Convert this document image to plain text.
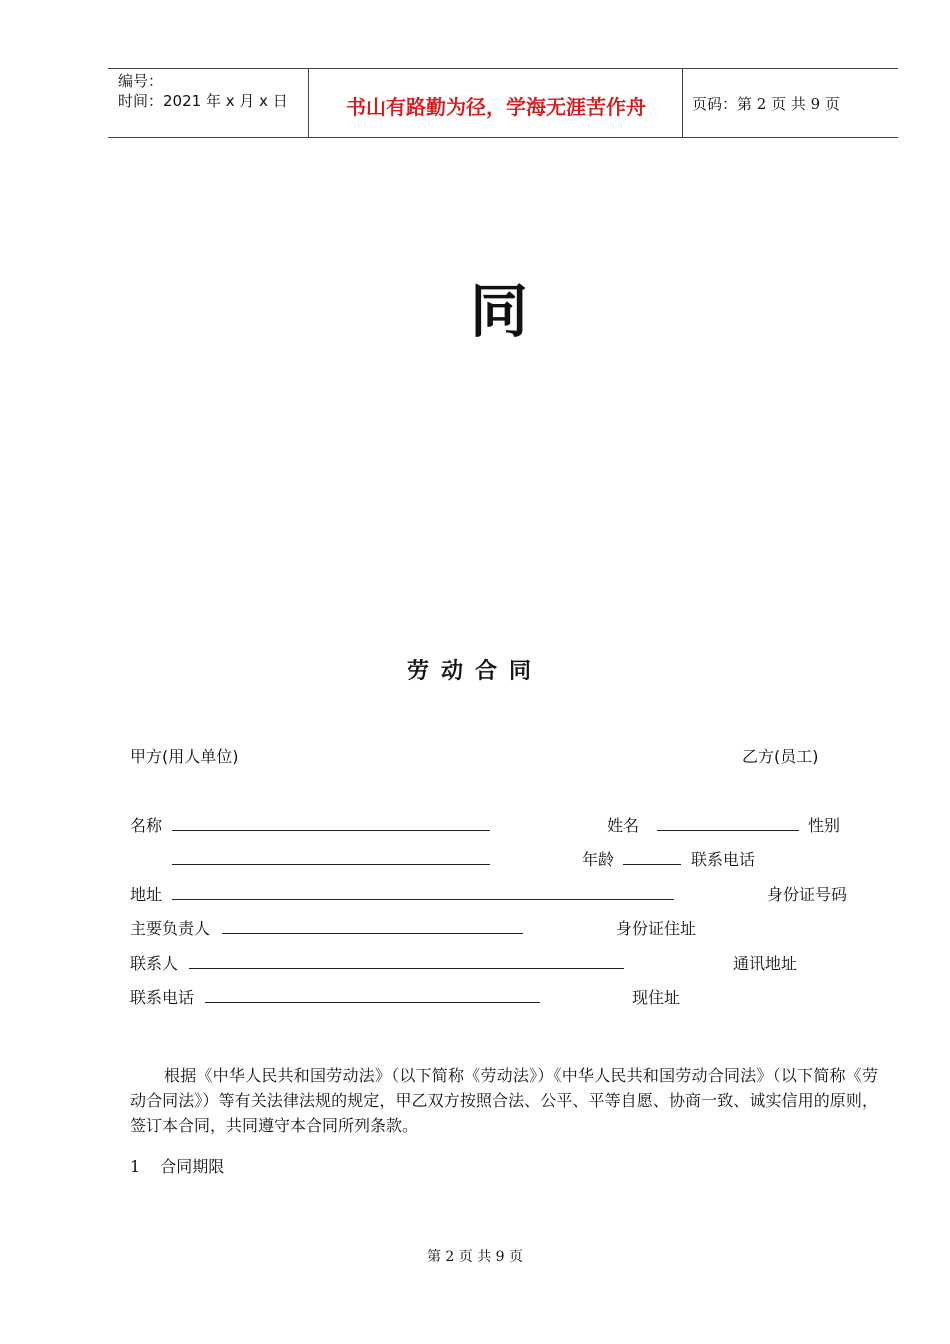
编号：
时间：2021 年 x 月 x 日	书山有路勤为径，学海无涯苦作舟	页码：第 2 页 共 9 页
同
劳动合同
甲方(用人单位)	乙方(员工)
名称	姓名	性别
年龄	联系电话
地址	身份证号码
主要负责人	身份证住址
联系人	通讯地址
联系电话	现住址
根据《中华人民共和国劳动法》（以下简称《劳动法》）《中华人民共和国劳动合同法》（以下简称《劳动合同法》）等有关法律法规的规定，甲乙双方按照合法、公平、平等自愿、协商一致、诚实信用的原则，签订本合同，共同遵守本合同所列条款。
1 合同期限
第 2 页 共 9 页
